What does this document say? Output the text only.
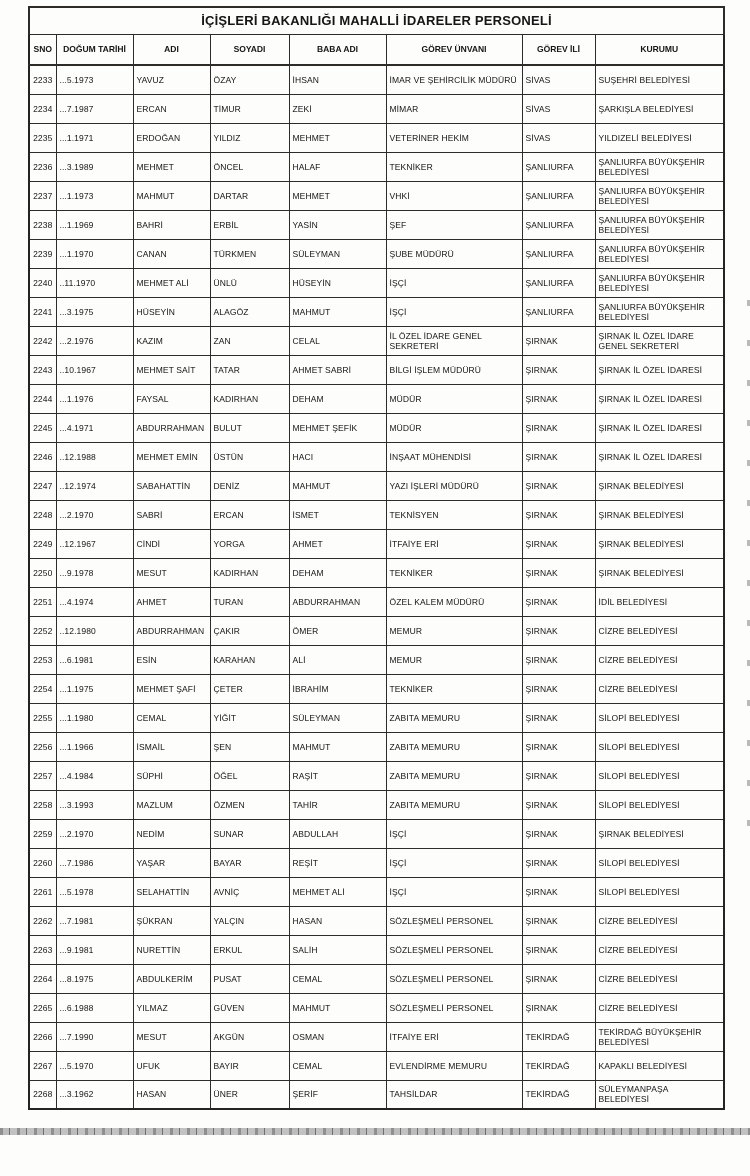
İÇİŞLERİ BAKANLIĞI MAHALLİ İDARELER PERSONELİ							
SNO	DOĞUM TARİHİ	ADI	SOYADI	BABA ADI	GÖREV ÜNVANI	GÖREV İLİ	KURUMU
2233	...5.1973	YAVUZ	ÖZAY	İHSAN	İMAR VE ŞEHİRCİLİK MÜDÜRÜ	SİVAS	SUŞEHRİ BELEDİYESİ
2234	...7.1987	ERCAN	TİMUR	ZEKİ	MİMAR	SİVAS	ŞARKIŞLA BELEDİYESİ
2235	...1.1971	ERDOĞAN	YILDIZ	MEHMET	VETERİNER HEKİM	SİVAS	YILDIZELİ BELEDİYESİ
2236	...3.1989	MEHMET	ÖNCEL	HALAF	TEKNİKER	ŞANLIURFA	ŞANLIURFA BÜYÜKŞEHİR BELEDİYESİ
2237	...1.1973	MAHMUT	DARTAR	MEHMET	VHKİ	ŞANLIURFA	ŞANLIURFA BÜYÜKŞEHİR BELEDİYESİ
2238	...1.1969	BAHRİ	ERBİL	YASİN	ŞEF	ŞANLIURFA	ŞANLIURFA BÜYÜKŞEHİR BELEDİYESİ
2239	...1.1970	CANAN	TÜRKMEN	SÜLEYMAN	ŞUBE MÜDÜRÜ	ŞANLIURFA	ŞANLIURFA BÜYÜKŞEHİR BELEDİYESİ
2240	..11.1970	MEHMET ALİ	ÜNLÜ	HÜSEYİN	İŞÇİ	ŞANLIURFA	ŞANLIURFA BÜYÜKŞEHİR BELEDİYESİ
2241	...3.1975	HÜSEYİN	ALAGÖZ	MAHMUT	İŞÇİ	ŞANLIURFA	ŞANLIURFA BÜYÜKŞEHİR BELEDİYESİ
2242	...2.1976	KAZIM	ZAN	CELAL	İL ÖZEL İDARE GENEL SEKRETERİ	ŞIRNAK	ŞIRNAK İL ÖZEL İDARE GENEL SEKRETERİ
2243	..10.1967	MEHMET SAİT	TATAR	AHMET SABRİ	BİLGİ İŞLEM MÜDÜRÜ	ŞIRNAK	ŞIRNAK İL ÖZEL İDARESİ
2244	...1.1976	FAYSAL	KADIRHAN	DEHAM	MÜDÜR	ŞIRNAK	ŞIRNAK İL ÖZEL İDARESİ
2245	...4.1971	ABDURRAHMAN	BULUT	MEHMET ŞEFİK	MÜDÜR	ŞIRNAK	ŞIRNAK İL ÖZEL İDARESİ
2246	..12.1988	MEHMET EMİN	ÜSTÜN	HACI	İNŞAAT MÜHENDİSİ	ŞIRNAK	ŞIRNAK İL ÖZEL İDARESİ
2247	..12.1974	SABAHATTİN	DENİZ	MAHMUT	YAZI İŞLERİ MÜDÜRÜ	ŞIRNAK	ŞIRNAK BELEDİYESİ
2248	...2.1970	SABRİ	ERCAN	İSMET	TEKNİSYEN	ŞIRNAK	ŞIRNAK BELEDİYESİ
2249	..12.1967	CİNDİ	YORGA	AHMET	İTFAİYE ERİ	ŞIRNAK	ŞIRNAK BELEDİYESİ
2250	...9.1978	MESUT	KADIRHAN	DEHAM	TEKNİKER	ŞIRNAK	ŞIRNAK BELEDİYESİ
2251	...4.1974	AHMET	TURAN	ABDURRAHMAN	ÖZEL KALEM MÜDÜRÜ	ŞIRNAK	İDİL BELEDİYESİ
2252	..12.1980	ABDURRAHMAN	ÇAKIR	ÖMER	MEMUR	ŞIRNAK	CİZRE BELEDİYESİ
2253	...6.1981	ESİN	KARAHAN	ALİ	MEMUR	ŞIRNAK	CİZRE BELEDİYESİ
2254	...1.1975	MEHMET ŞAFİ	ÇETER	İBRAHİM	TEKNİKER	ŞIRNAK	CİZRE BELEDİYESİ
2255	...1.1980	CEMAL	YİĞİT	SÜLEYMAN	ZABITA MEMURU	ŞIRNAK	SİLOPİ BELEDİYESİ
2256	...1.1966	İSMAİL	ŞEN	MAHMUT	ZABITA MEMURU	ŞIRNAK	SİLOPİ BELEDİYESİ
2257	...4.1984	SÜPHİ	ÖĞEL	RAŞİT	ZABITA MEMURU	ŞIRNAK	SİLOPİ BELEDİYESİ
2258	...3.1993	MAZLUM	ÖZMEN	TAHİR	ZABITA MEMURU	ŞIRNAK	SİLOPİ BELEDİYESİ
2259	...2.1970	NEDİM	SUNAR	ABDULLAH	İŞÇİ	ŞIRNAK	ŞIRNAK BELEDİYESİ
2260	...7.1986	YAŞAR	BAYAR	REŞİT	İŞÇİ	ŞIRNAK	SİLOPİ BELEDİYESİ
2261	...5.1978	SELAHATTİN	AVNİÇ	MEHMET ALİ	İŞÇİ	ŞIRNAK	SİLOPİ BELEDİYESİ
2262	...7.1981	ŞÜKRAN	YALÇIN	HASAN	SÖZLEŞMELİ PERSONEL	ŞIRNAK	CİZRE BELEDİYESİ
2263	...9.1981	NURETTİN	ERKUL	SALİH	SÖZLEŞMELİ PERSONEL	ŞIRNAK	CİZRE BELEDİYESİ
2264	...8.1975	ABDULKERİM	PUSAT	CEMAL	SÖZLEŞMELİ PERSONEL	ŞIRNAK	CİZRE BELEDİYESİ
2265	...6.1988	YILMAZ	GÜVEN	MAHMUT	SÖZLEŞMELİ PERSONEL	ŞIRNAK	CİZRE BELEDİYESİ
2266	...7.1990	MESUT	AKGÜN	OSMAN	İTFAİYE ERİ	TEKİRDAĞ	TEKİRDAĞ BÜYÜKŞEHİR BELEDİYESİ
2267	...5.1970	UFUK	BAYIR	CEMAL	EVLENDİRME MEMURU	TEKİRDAĞ	KAPAKLI BELEDİYESİ
2268	...3.1962	HASAN	ÜNER	ŞERİF	TAHSİLDAR	TEKİRDAĞ	SÜLEYMANPAŞA BELEDİYESİ
